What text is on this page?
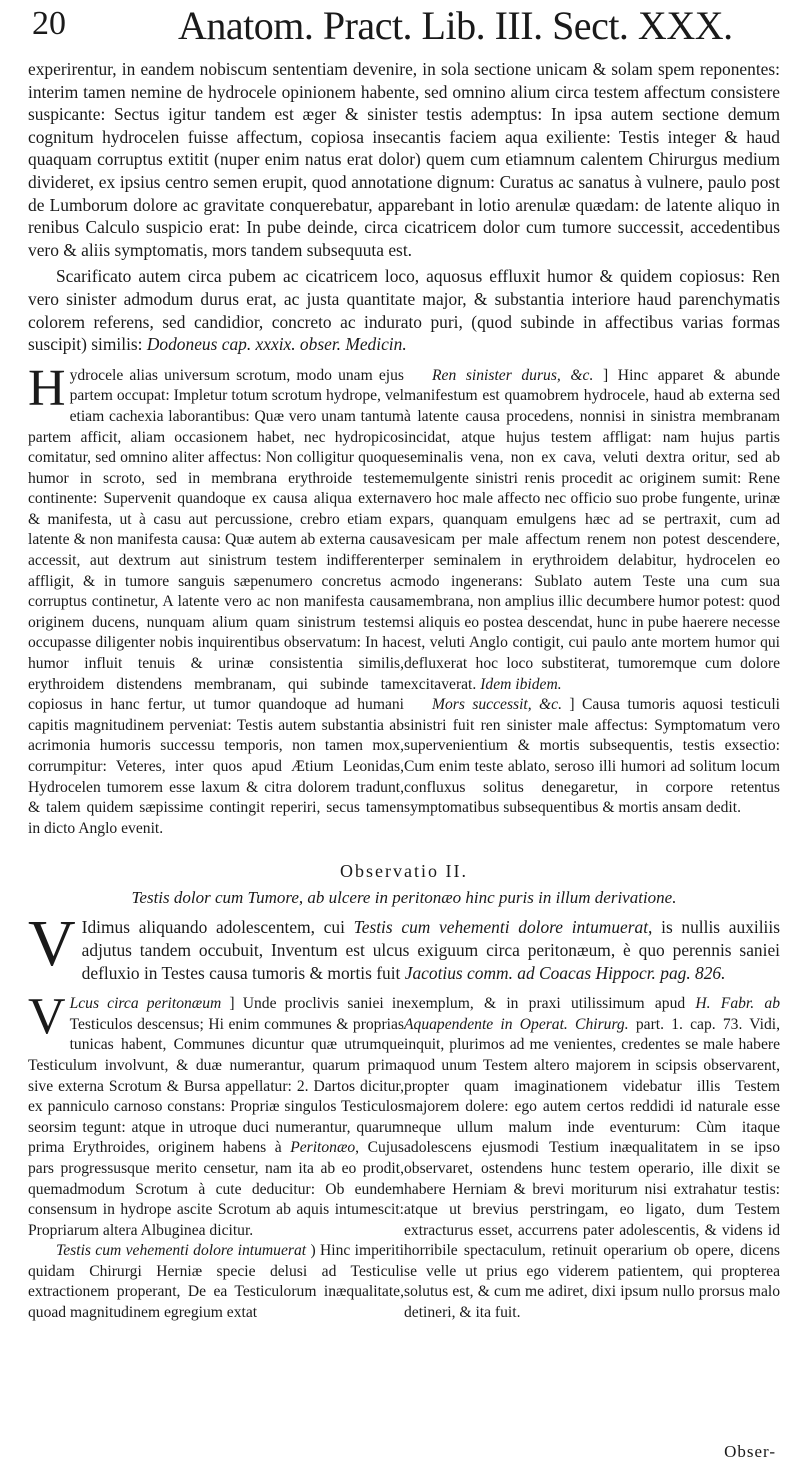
20	Anatom. Pract. Lib. III. Sect. XXX.

experirentur, in eandem nobiscum sententiam devenire, in sola sectione unicam & solam spem reponentes: interim tamen nemine de hydrocele opinionem habente, sed omnino alium circa testem affectum consistere suspicante: Sectus igitur tandem est æger & sinister testis ademptus: In ipsa autem sectione demum cognitum hydrocelen fuisse affectum, copiosa insecantis faciem aqua exiliente: Testis integer & haud quaquam corruptus extitit (nuper enim natus erat dolor) quem cum etiamnum calentem Chirurgus medium divideret, ex ipsius centro semen erupit, quod annotatione dignum: Curatus ac sanatus à vulnere, paulo post de Lumborum dolore ac gravitate conquerebatur, apparebant in lotio arenulæ quædam: de latente aliquo in renibus Calculo suspicio erat: In pube deinde, circa cicatricem dolor cum tumore successit, accedentibus vero & aliis symptomatis, mors tandem subsequuta est.

Scarificato autem circa pubem ac cicatricem loco, aquosus effluxit humor & quidem copiosus: Ren vero sinister admodum durus erat, ac justa quantitate major, & substantia interiore haud parenchymatis colorem referens, sed candidior, concreto ac indurato puri, (quod subinde in affectibus varias formas suscipit) similis: Dodoneus cap. xxxix. obser. Medicin.

Hydrocele alias universum scrotum, modo unam ejus partem occupat: Impletur totum scrotum hydrope, vel etiam cachexia laborantibus: Quæ vero unam tantum partem afficit, aliam occasionem habet, nec hydropicos comitatur, sed omnino aliter affectus: Non colligitur quoque humor in scroto, sed in membrana erythroide testem continente: Supervenit quandoque ex causa aliqua externa & manifesta, ut à casu aut percussione, crebro etiam ex latente & non manifesta causa: Quæ autem ab externa causa accessit, aut dextrum aut sinistrum testem indifferenter affligit, & in tumore sanguis sæpenumero concretus ac corruptus continetur, A latente vero ac non manifesta causa originem ducens, nunquam alium quam sinistrum testem occupasse diligenter nobis inquirentibus observatum: In hac humor influit tenuis & urinæ consistentia similis, erythroidem distendens membranam, qui subinde tam copiosus in hanc fertur, ut tumor quandoque ad humani capitis magnitudinem perveniat: Testis autem substantia ab acrimonia humoris successu temporis, non tamen mox, corrumpitur: Veteres, inter quos apud Ætium Leonidas, Hydrocelen tumorem esse laxum & citra dolorem tradunt, & talem quidem sæpissime contingit reperiri, secus tamen in dicto Anglo evenit.

Ren sinister durus, &c. ] Hinc apparet & abunde manifestum est quamobrem hydrocele, haud ab externa sed à latente causa procedens, nonnisi in sinistra membranam incidat, atque hujus testem affligat: nam hujus partis seminalis vena, non ex cava, veluti dextra oritur, sed ab emulgente sinistri renis procedit ac originem sumit: Rene vero hoc male affecto nec officio suo probe fungente, urinæ pars, quanquam emulgens hæc ad se pertraxit, cum ad vesicam per male affectum renem non potest descendere, per seminalem in erythroidem delabitur, hydrocelen eo modo ingenerans: Sublato autem Teste una cum sua membrana, non amplius illic decumbere humor potest: quod si aliquis eo postea descendat, hunc in pube haerere necesse est, veluti Anglo contigit, cui paulo ante mortem humor qui defluxerat hoc loco substiterat, tumoremque cum dolore excitaverat. Idem ibidem.

Mors successit, &c. ] Causa tumoris aquosi testiculi sinistri fuit ren sinister male affectus: Symptomatum vero supervenientium & mortis subsequentis, testis exsectio: Cum enim teste ablato, seroso illi humori ad solitum locum confluxus solitus denegaretur, in corpore retentus symptomatibus subsequentibus & mortis ansam dedit.

Observatio II.
Testis dolor cum Tumore, ab ulcere in peritonæo hinc puris in illum derivatione.

V Idimus aliquando adolescentem, cui Testis cum vehementi dolore intumuerat, is nullis auxiliis adjutus tandem occubuit, Inventum est ulcus exiguum circa peritonæum, è quo perennis saniei defluxio in Testes causa tumoris & mortis fuit Jacotius comm. ad Coacas Hippocr. pag. 826.

V Lcus circa peritonæum ] Unde proclivis saniei in Testiculos descensus; Hi enim communes & proprias tunicas habent, Communes dicuntur quæ utrumque Testiculum involvunt, & duæ numerantur, quarum prima sive externa Scrotum & Bursa appellatur: 2. Dartos dicitur, ex panniculo carnoso constans: Propriæ singulos Testiculos seorsim tegunt: atque in utroque duci numerantur, quarum prima Erythroides, originem habens à Peritonæo, Cujus pars progressusque merito censetur, nam ita ab eo prodit, quemadmodum Scrotum à cute deducitur: Ob eundem consensum in hydrope ascite Scrotum ab aquis intumescit: Propriarum altera Albuginea dicitur.

Testis cum vehementi dolore intumuerat ) Hinc imperiti quidam Chirurgi Herniæ specie delusi ad Testiculi extractionem properant, De ea Testiculorum inæqualitate, quoad magnitudinem egregium extat

exemplum, & in praxi utilissimum apud H. Fabr. ab Aquapendente in Operat. Chirurg. part. 1. cap. 73. Vidi, inquit, plurimos ad me venientes, credentes se male habere quod unum Testem altero majorem in scipsis observarent, propter quam imaginationem videbatur illis Testem majorem dolere: ego autem certos reddidi id naturale esse neque ullum malum inde eventurum: Cùm itaque adolescens ejusmodi Testium inæqualitatem in se ipso observaret, ostendens hunc testem operario, ille dixit se habere Herniam & brevi moriturum nisi extrahatur testis: atque ut brevius perstringam, eo ligato, dum Testem extracturus esset, accurrens pater adolescentis, & videns id horribile spectaculum, retinuit operarium ob opere, dicens se velle ut prius ego viderem patientem, qui propterea solutus est, & cum me adiret, dixi ipsum nullo prorsus malo detineri, & ita fuit.

Obser-
